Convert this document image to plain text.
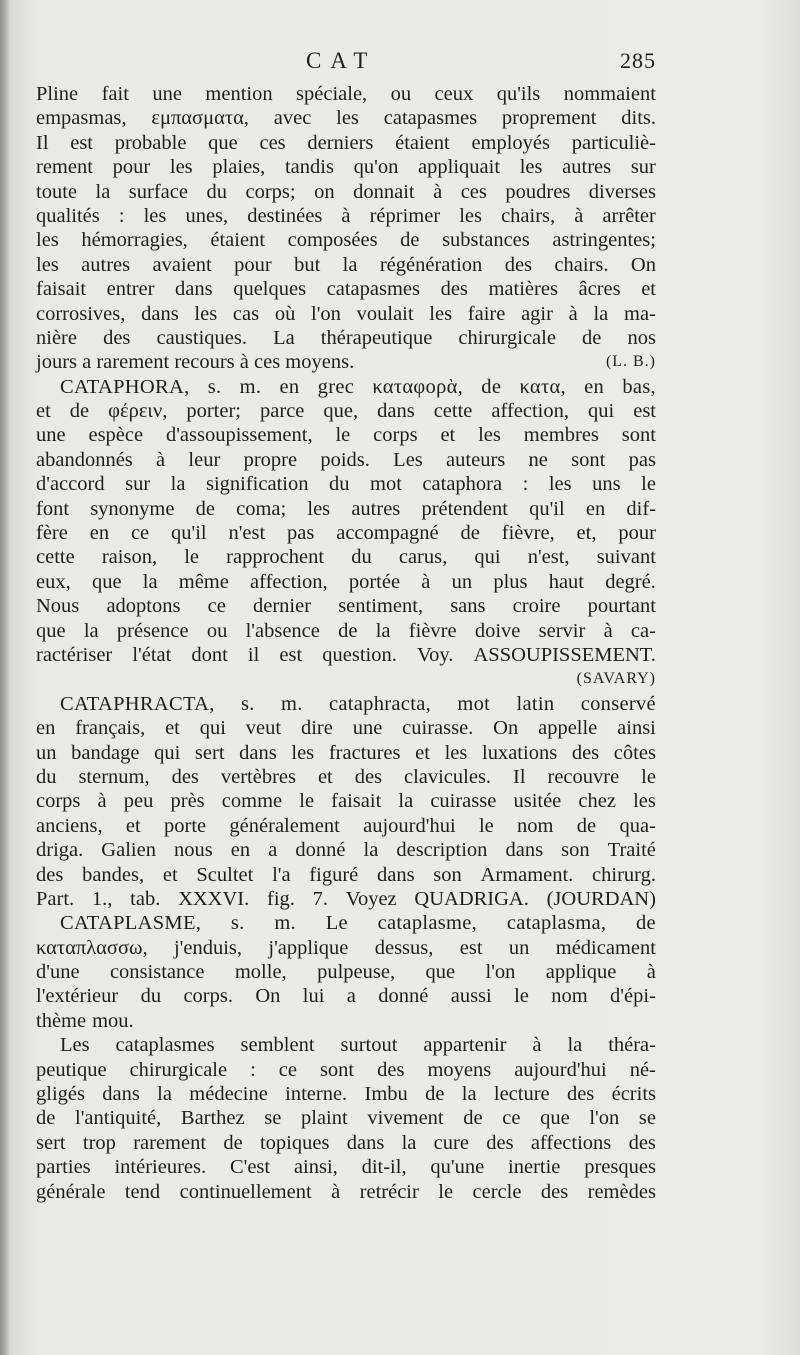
CAT	285
Pline fait une mention spéciale, ou ceux qu'ils nommaient
empasmas, εμπασματα, avec les catapasmes proprement dits.
Il est probable que ces derniers étaient employés particuliè-
rement pour les plaies, tandis qu'on appliquait les autres sur
toute la surface du corps; on donnait à ces poudres diverses
qualités : les unes, destinées à réprimer les chairs, à arrêter
les hémorragies, étaient composées de substances astringentes;
les autres avaient pour but la régénération des chairs. On
faisait entrer dans quelques catapasmes des matières âcres et
corrosives, dans les cas où l'on voulait les faire agir à la ma-
nière des caustiques. La thérapeutique chirurgicale de nos
jours a rarement recours à ces moyens.	(L. B.)
CATAPHORA, s. m. en grec καταφορὰ, de κατα, en bas,
et de φέρειν, porter; parce que, dans cette affection, qui est
une espèce d'assoupissement, le corps et les membres sont
abandonnés à leur propre poids. Les auteurs ne sont pas
d'accord sur la signification du mot cataphora : les uns le
font synonyme de coma; les autres prétendent qu'il en dif-
fère en ce qu'il n'est pas accompagné de fièvre, et, pour
cette raison, le rapprochent du carus, qui n'est, suivant
eux, que la même affection, portée à un plus haut degré.
Nous adoptons ce dernier sentiment, sans croire pourtant
que la présence ou l'absence de la fièvre doive servir à ca-
ractériser l'état dont il est question. Voy. ASSOUPISSEMENT.
(SAVARY)
CATAPHRACTA, s. m. cataphracta, mot latin conservé
en français, et qui veut dire une cuirasse. On appelle ainsi
un bandage qui sert dans les fractures et les luxations des côtes
du sternum, des vertèbres et des clavicules. Il recouvre le
corps à peu près comme le faisait la cuirasse usitée chez les
anciens, et porte généralement aujourd'hui le nom de qua-
driga. Galien nous en a donné la description dans son Traité
des bandes, et Scultet l'a figuré dans son Armament. chirurg.
Part. 1., tab. XXXVI. fig. 7. Voyez QUADRIGA. (JOURDAN)
CATAPLASME, s. m. Le cataplasme, cataplasma, de
καταπλασσω, j'enduis, j'applique dessus, est un médicament
d'une consistance molle, pulpeuse, que l'on applique à
l'extérieur du corps. On lui a donné aussi le nom d'épi-
thème mou.
Les cataplasmes semblent surtout appartenir à la théra-
peutique chirurgicale : ce sont des moyens aujourd'hui né-
gligés dans la médecine interne. Imbu de la lecture des écrits
de l'antiquité, Barthez se plaint vivement de ce que l'on se
sert trop rarement de topiques dans la cure des affections des
parties intérieures. C'est ainsi, dit-il, qu'une inertie presques
générale tend continuellement à retrécir le cercle des remèdes
